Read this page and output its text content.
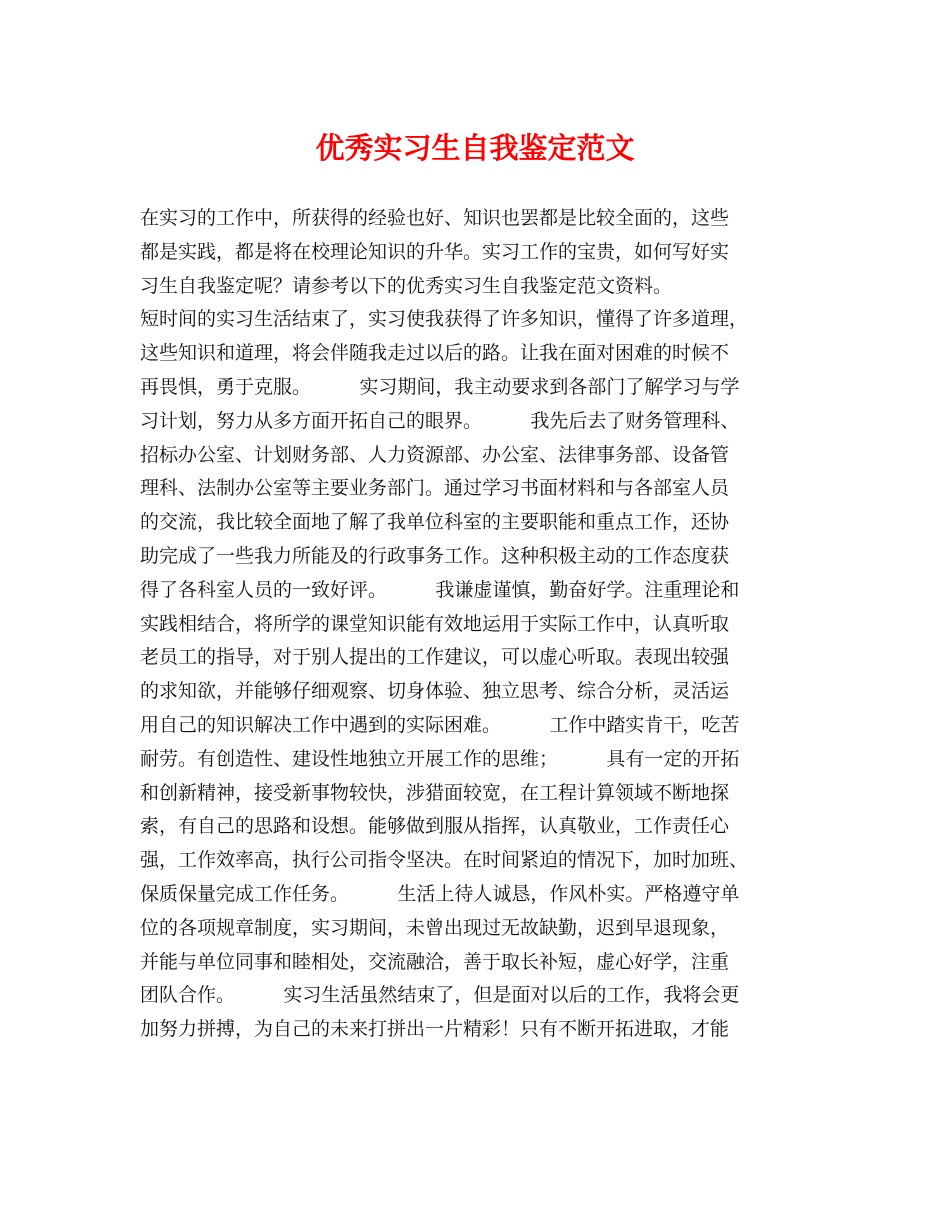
优秀实习生自我鉴定范文
在实习的工作中，所获得的经验也好、知识也罢都是比较全面的，这些
都是实践，都是将在校理论知识的升华。实习工作的宝贵，如何写好实
习生自我鉴定呢？请参考以下的优秀实习生自我鉴定范文资料。
短时间的实习生活结束了，实习使我获得了许多知识，懂得了许多道理，
这些知识和道理，将会伴随我走过以后的路。让我在面对困难的时候不
再畏惧，勇于克服。        实习期间，我主动要求到各部门了解学习与学
习计划，努力从多方面开拓自己的眼界。        我先后去了财务管理科、
招标办公室、计划财务部、人力资源部、办公室、法律事务部、设备管
理科、法制办公室等主要业务部门。通过学习书面材料和与各部室人员
的交流，我比较全面地了解了我单位科室的主要职能和重点工作，还协
助完成了一些我力所能及的行政事务工作。这种积极主动的工作态度获
得了各科室人员的一致好评。        我谦虚谨慎，勤奋好学。注重理论和
实践相结合，将所学的课堂知识能有效地运用于实际工作中，认真听取
老员工的指导，对于别人提出的工作建议，可以虚心听取。表现出较强
的求知欲，并能够仔细观察、切身体验、独立思考、综合分析，灵活运
用自己的知识解决工作中遇到的实际困难。        工作中踏实肯干，吃苦
耐劳。有创造性、建设性地独立开展工作的思维；        具有一定的开拓
和创新精神，接受新事物较快，涉猎面较宽，在工程计算领域不断地探
索，有自己的思路和设想。能够做到服从指挥，认真敬业，工作责任心
强，工作效率高，执行公司指令坚决。在时间紧迫的情况下，加时加班、
保质保量完成工作任务。        生活上待人诚恳，作风朴实。严格遵守单
位的各项规章制度，实习期间，未曾出现过无故缺勤，迟到早退现象，
并能与单位同事和睦相处，交流融洽，善于取长补短，虚心好学，注重
团队合作。        实习生活虽然结束了，但是面对以后的工作，我将会更
加努力拼搏，为自己的未来打拼出一片精彩！只有不断开拓进取，才能
